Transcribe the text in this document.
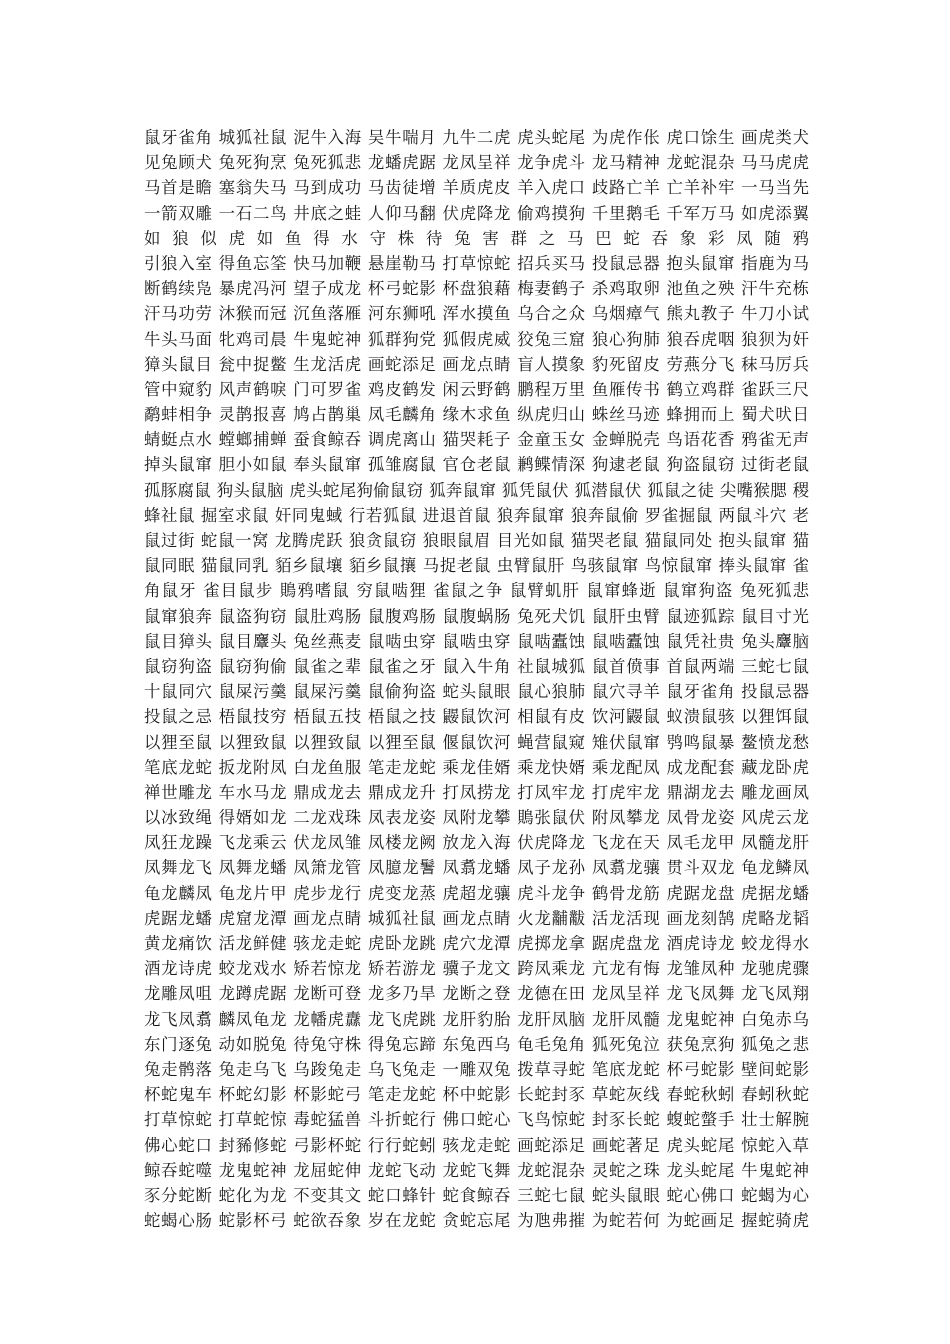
鼠牙雀角 城狐社鼠 泥牛入海 吴牛喘月 九牛二虎 虎头蛇尾 为虎作伥 虎口馀生 画虎类犬
见兔顾犬 兔死狗烹 兔死狐悲 龙蟠虎踞 龙凤呈祥 龙争虎斗 龙马精神 龙蛇混杂 马马虎虎
马首是瞻 塞翁失马 马到成功 马齿徒增 羊质虎皮 羊入虎口 歧路亡羊 亡羊补牢 一马当先
一箭双雕 一石二鸟 井底之蛙 人仰马翻 伏虎降龙 偷鸡摸狗 千里鹅毛 千军万马 如虎添翼
如 狼 似 虎 如 鱼 得 水 守 株 待 兔 害 群 之 马 巴 蛇 吞 象 彩 凤 随 鸦
引狼入室 得鱼忘筌 快马加鞭 悬崖勒马 打草惊蛇 招兵买马 投鼠忌器 抱头鼠窜 指鹿为马
断鹤续凫 暴虎冯河 望子成龙 杯弓蛇影 杯盘狼藉 梅妻鹤子 杀鸡取卵 池鱼之殃 汗牛充栋
汗马功劳 沐猴而冠 沉鱼落雁 河东狮吼 浑水摸鱼 乌合之众 乌烟瘴气 熊丸教子 牛刀小试
牛头马面 牝鸡司晨 牛鬼蛇神 狐群狗党 狐假虎威 狡兔三窟 狼心狗肺 狼吞虎咽 狼狈为奸
獐头鼠目 瓮中捉鳖 生龙活虎 画蛇添足 画龙点睛 盲人摸象 豹死留皮 劳燕分飞 秣马厉兵
管中窥豹 风声鹤唳 门可罗雀 鸡皮鹤发 闲云野鹤 鹏程万里 鱼雁传书 鹤立鸡群 雀跃三尺
鹬蚌相争 灵鹊报喜 鸠占鹊巢 凤毛麟角 缘木求鱼 纵虎归山 蛛丝马迹 蜂拥而上 蜀犬吠日
蜻蜓点水 螳螂捕蝉 蚕食鲸吞 调虎离山 猫哭耗子 金童玉女 金蝉脱壳 鸟语花香 鸦雀无声
掉头鼠窜 胆小如鼠 奉头鼠窜 孤雏腐鼠 官仓老鼠 鹣鲽情深 狗逮老鼠 狗盗鼠窃 过街老鼠
孤豚腐鼠 狗头鼠脑 虎头蛇尾狗偷鼠窃 狐奔鼠窜 狐凭鼠伏 狐潜鼠伏 狐鼠之徒 尖嘴猴腮 稷
蜂社鼠 掘室求鼠 奸同鬼蜮 行若狐鼠 进退首鼠 狼奔鼠窜 狼奔鼠偷 罗雀掘鼠 两鼠斗穴 老
鼠过街 蛇鼠一窝 龙腾虎跃 狼贪鼠窃 狼眼鼠眉 目光如鼠 猫哭老鼠 猫鼠同处 抱头鼠窜 猫
鼠同眠 猫鼠同乳 貊乡鼠壤 貊乡鼠攘 马捉老鼠 虫臂鼠肝 鸟骇鼠窜 鸟惊鼠窜 捧头鼠窜 雀
角鼠牙 雀目鼠步 鵙鸦嗜鼠 穷鼠啮狸 雀鼠之争 鼠臂虮肝 鼠窜蜂逝 鼠窜狗盗 兔死狐悲
鼠窜狼奔 鼠盗狗窃 鼠肚鸡肠 鼠腹鸡肠 鼠腹蜗肠 兔死犬饥 鼠肝虫臂 鼠迹狐踪 鼠目寸光
鼠目獐头 鼠目麞头 兔丝燕麦 鼠啮虫穿 鼠啮虫穿 鼠啮蠹蚀 鼠啮蠹蚀 鼠凭社贵 兔头麞脑
鼠窃狗盗 鼠窃狗偷 鼠雀之辈 鼠雀之牙 鼠入牛角 社鼠城狐 鼠首偾事 首鼠两端 三蛇七鼠
十鼠同穴 鼠屎污羹 鼠屎污羹 鼠偷狗盗 蛇头鼠眼 鼠心狼肺 鼠穴寻羊 鼠牙雀角 投鼠忌器
投鼠之忌 梧鼠技穷 梧鼠五技 梧鼠之技 鼹鼠饮河 相鼠有皮 饮河鼹鼠 蚁溃鼠骇 以狸饵鼠
以狸至鼠 以狸致鼠 以狸致鼠 以狸至鼠 偃鼠饮河 蝇营鼠窥 雉伏鼠窜 鸮鸣鼠暴 鳌愤龙愁
笔底龙蛇 扳龙附凤 白龙鱼服 笔走龙蛇 乘龙佳婿 乘龙快婿 乘龙配凤 成龙配套 藏龙卧虎
禅世雕龙 车水马龙 鼎成龙去 鼎成龙升 打凤捞龙 打凤牢龙 打虎牢龙 鼎湖龙去 雕龙画凤
以冰致绳 得婿如龙 二龙戏珠 凤表龙姿 凤附龙攀 鵙张鼠伏 附凤攀龙 凤骨龙姿 风虎云龙
凤狂龙躁 飞龙乘云 伏龙凤雏 凤楼龙阙 放龙入海 伏虎降龙 飞龙在天 凤毛龙甲 凤髓龙肝
凤舞龙飞 凤舞龙蟠 凤箫龙管 凤臆龙鬐 凤翥龙蟠 凤子龙孙 凤翥龙骧 贯斗双龙 龟龙鳞凤
龟龙麟凤 龟龙片甲 虎步龙行 虎变龙蒸 虎超龙骧 虎斗龙争 鹤骨龙筋 虎踞龙盘 虎据龙蟠
虎踞龙蟠 虎窟龙潭 画龙点睛 城狐社鼠 画龙点睛 火龙黼黻 活龙活现 画龙刻鹄 虎略龙韬
黄龙痛饮 活龙鲜健 骇龙走蛇 虎卧龙跳 虎穴龙潭 虎掷龙拿 踞虎盘龙 酒虎诗龙 蛟龙得水
酒龙诗虎 蛟龙戏水 矫若惊龙 矫若游龙 骥子龙文 跨凤乘龙 亢龙有悔 龙雏凤种 龙驰虎骤
龙雕凤咀 龙蹲虎踞 龙断可登 龙多乃旱 龙断之登 龙德在田 龙凤呈祥 龙飞凤舞 龙飞凤翔
龙飞凤翥 麟凤龟龙 龙幡虎纛 龙飞虎跳 龙肝豹胎 龙肝凤脑 龙肝凤髓 龙鬼蛇神 白兔赤乌
东门逐兔 动如脱兔 待兔守株 得兔忘蹄 东兔西乌 龟毛兔角 狐死兔泣 获兔烹狗 狐兔之悲
兔走鹘落 兔走乌飞 乌踆兔走 乌飞兔走 一雕双兔 拨草寻蛇 笔底龙蛇 杯弓蛇影 壁间蛇影
杯蛇鬼车 杯蛇幻影 杯影蛇弓 笔走龙蛇 杯中蛇影 长蛇封豕 草蛇灰线 春蛇秋蚓 春蚓秋蛇
打草惊蛇 打草蛇惊 毒蛇猛兽 斗折蛇行 佛口蛇心 飞鸟惊蛇 封豕长蛇 蝮蛇螫手 壮士解腕
佛心蛇口 封豨修蛇 弓影杯蛇 行行蛇蚓 骇龙走蛇 画蛇添足 画蛇著足 虎头蛇尾 惊蛇入草
鲸吞蛇噬 龙鬼蛇神 龙屈蛇伸 龙蛇飞动 龙蛇飞舞 龙蛇混杂 灵蛇之珠 龙头蛇尾 牛鬼蛇神
豕分蛇断 蛇化为龙 不变其文 蛇口蜂针 蛇食鲸吞 三蛇七鼠 蛇头鼠眼 蛇心佛口 蛇蝎为心
蛇蝎心肠 蛇影杯弓 蛇欲吞象 岁在龙蛇 贪蛇忘尾 为虺弗摧 为蛇若何 为蛇画足 握蛇骑虎
